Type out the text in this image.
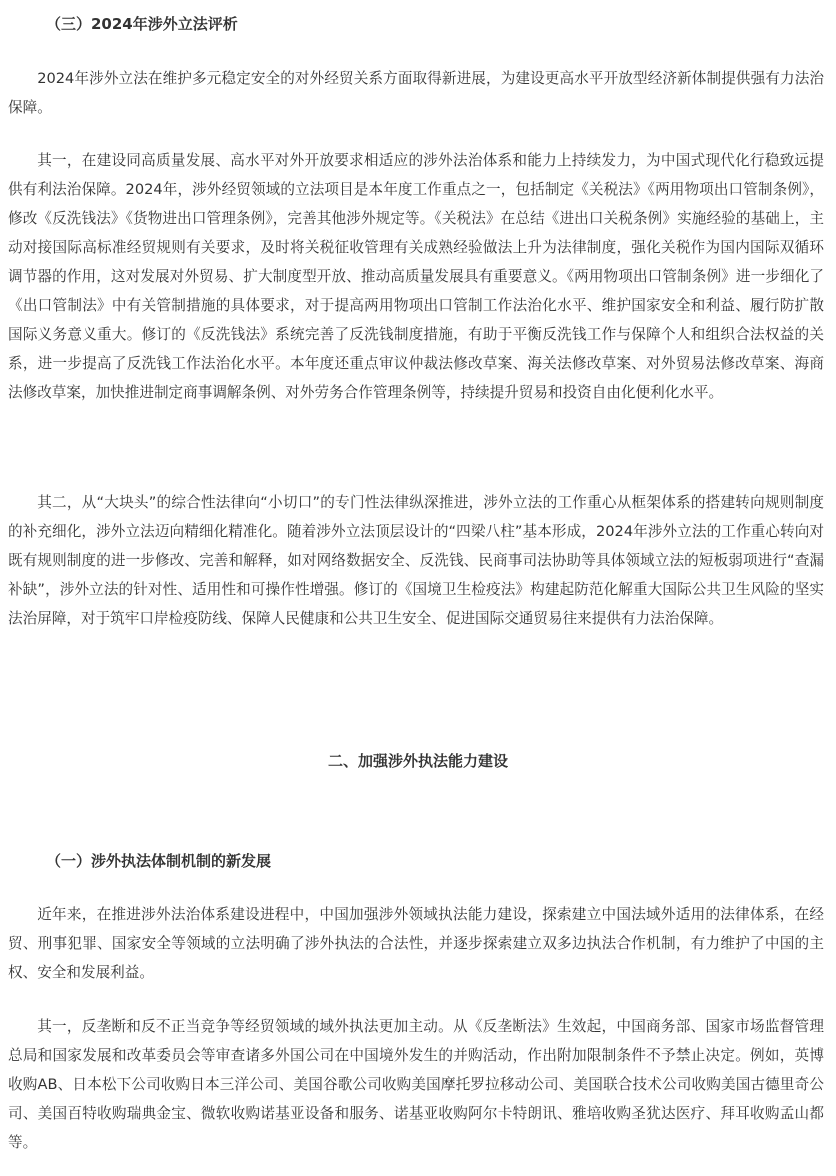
（三）2024年涉外立法评析

2024年涉外立法在维护多元稳定安全的对外经贸关系方面取得新进展，为建设更高水平开放型经济新体制提供强有力法治保障。

其一，在建设同高质量发展、高水平对外开放要求相适应的涉外法治体系和能力上持续发力，为中国式现代化行稳致远提供有利法治保障。2024年，涉外经贸领域的立法项目是本年度工作重点之一，包括制定《关税法》《两用物项出口管制条例》，修改《反洗钱法》《货物进出口管理条例》，完善其他涉外规定等。《关税法》在总结《进出口关税条例》实施经验的基础上，主动对接国际高标准经贸规则有关要求，及时将关税征收管理有关成熟经验做法上升为法律制度，强化关税作为国内国际双循环调节器的作用，这对发展对外贸易、扩大制度型开放、推动高质量发展具有重要意义。《两用物项出口管制条例》进一步细化了《出口管制法》中有关管制措施的具体要求，对于提高两用物项出口管制工作法治化水平、维护国家安全和利益、履行防扩散国际义务意义重大。修订的《反洗钱法》系统完善了反洗钱制度措施，有助于平衡反洗钱工作与保障个人和组织合法权益的关系，进一步提高了反洗钱工作法治化水平。本年度还重点审议仲裁法修改草案、海关法修改草案、对外贸易法修改草案、海商法修改草案，加快推进制定商事调解条例、对外劳务合作管理条例等，持续提升贸易和投资自由化便利化水平。

其二，从“大块头”的综合性法律向“小切口”的专门性法律纵深推进，涉外立法的工作重心从框架体系的搭建转向规则制度的补充细化，涉外立法迈向精细化精准化。随着涉外立法顶层设计的“四梁八柱”基本形成，2024年涉外立法的工作重心转向对既有规则制度的进一步修改、完善和解释，如对网络数据安全、反洗钱、民商事司法协助等具体领域立法的短板弱项进行“查漏补缺”，涉外立法的针对性、适用性和可操作性增强。修订的《国境卫生检疫法》构建起防范化解重大国际公共卫生风险的坚实法治屏障，对于筑牢口岸检疫防线、保障人民健康和公共卫生安全、促进国际交通贸易往来提供有力法治保障。

二、加强涉外执法能力建设
（一）涉外执法体制机制的新发展

近年来，在推进涉外法治体系建设进程中，中国加强涉外领域执法能力建设，探索建立中国法域外适用的法律体系，在经贸、刑事犯罪、国家安全等领域的立法明确了涉外执法的合法性，并逐步探索建立双多边执法合作机制，有力维护了中国的主权、安全和发展利益。

其一，反垄断和反不正当竞争等经贸领域的域外执法更加主动。从《反垄断法》生效起，中国商务部、国家市场监督管理总局和国家发展和改革委员会等审查诸多外国公司在中国境外发生的并购活动，作出附加限制条件不予禁止决定。例如，英博收购AB、日本松下公司收购日本三洋公司、美国谷歌公司收购美国摩托罗拉移动公司、美国联合技术公司收购美国古德里奇公司、美国百特收购瑞典金宝、微软收购诺基亚设备和服务、诺基亚收购阿尔卡特朗讯、雅培收购圣犹达医疗、拜耳收购孟山都等。
